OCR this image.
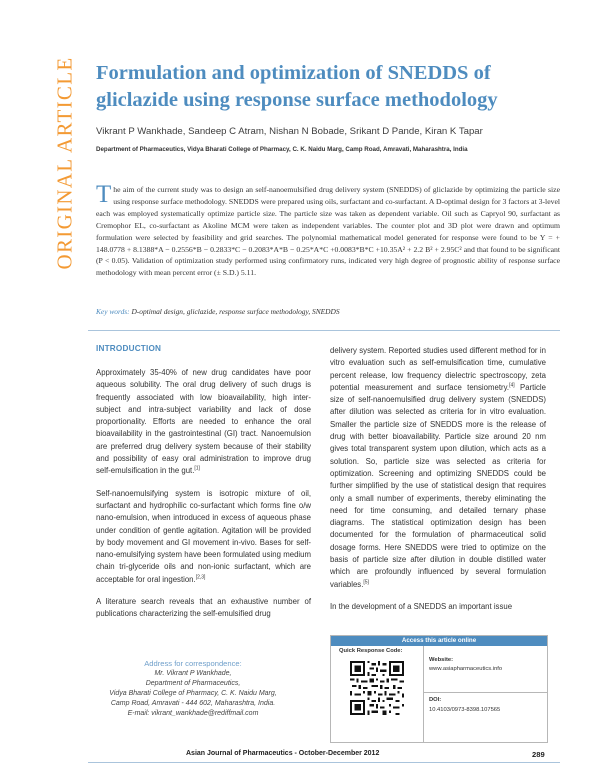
ORIGINAL ARTICLE Formulation and optimization of SNEDDS of gliclazide using response surface methodology
Vikrant P Wankhade, Sandeep C Atram, Nishan N Bobade, Srikant D Pande, Kiran K Tapar
Department of Pharmaceutics, Vidya Bharati College of Pharmacy, C. K. Naidu Marg, Camp Road, Amravati, Maharashtra, India
The aim of the current study was to design an self-nanoemulsified drug delivery system (SNEDDS) of gliclazide by optimizing the particle size using response surface methodology. SNEDDS were prepared using oils, surfactant and co-surfactant. A D-optimal design for 3 factors at 3-level each was employed systematically optimize particle size. The particle size was taken as dependent variable. Oil such as Capryol 90, surfactant as Cremophor EL, co-surfactant as Akoline MCM were taken as independent variables. The counter plot and 3D plot were drawn and optimum formulation were selected by feasibility and grid searches. The polynomial mathematical model generated for response were found to be Y = + 148.0778 + 8.1388*A − 0.2556*B − 0.2833*C − 0.2083*A*B − 0.25*A*C +0.0083*B*C +10.35A² + 2.2 B² + 2.95C² and that found to be significant (P < 0.05). Validation of optimization study performed using confirmatory runs, indicated very high degree of prognostic ability of response surface methodology with mean percent error (± S.D.) 5.11.
Key words: D-optimal design, gliclazide, response surface methodology, SNEDDS
INTRODUCTION

Approximately 35-40% of new drug candidates have poor aqueous solubility. The oral drug delivery of such drugs is frequently associated with low bioavailability, high inter-subject and intra-subject variability and lack of dose proportionality. Efforts are needed to enhance the oral bioavailability in the gastrointestinal (GI) tract. Nanoemulsion are preferred drug delivery system because of their stability and possibility of easy oral administration to improve drug self-emulsification in the gut.[1]

Self-nanoemulsifying system is isotropic mixture of oil, surfactant and hydrophilic co-surfactant which forms fine o/w nano-emulsion, when introduced in excess of aqueous phase under condition of gentle agitation. Agitation will be provided by body movement and GI movement in-vivo. Bases for self-nano-emulsifying system have been formulated using medium chain tri-glyceride oils and non-ionic surfactant, which are acceptable for oral ingestion.[2,3]

A literature search reveals that an exhaustive number of publications characterizing the self-emulsified drug

delivery system. Reported studies used different method for in vitro evaluation such as self-emulsification time, cumulative percent release, low frequency dielectric spectroscopy, zeta potential measurement and surface tensiometry.[4] Particle size of self-nanoemulsified drug delivery system (SNEDDS) after dilution was selected as criteria for in vitro evaluation. Smaller the particle size of SNEDDS more is the release of drug with better bioavailability. Particle size around 20 nm gives total transparent system upon dilution, which acts as a solution. So, particle size was selected as criteria for optimization. Screening and optimizing SNEDDS could be further simplified by the use of statistical design that requires only a small number of experiments, thereby eliminating the need for time consuming, and detailed ternary phase diagrams. The statistical optimization design has been documented for the formulation of pharmaceutical solid dosage forms. Here SNEDDS were tried to optimize on the basis of particle size after dilution in double distilled water which are profoundly influenced by several formulation variables.[5]

In the development of a SNEDDS an important issue

Address for correspondence:
Mr. Vikrant P Wankhade,
Department of Pharmaceutics,
Vidya Bharati College of Pharmacy, C. K. Naidu Marg,
Camp Road, Amravati - 444 602, Maharashtra, India.
E-mail: vikrant_wankhade@rediffmail.com
Access this article online
Quick Response Code:
Website:
www.asiapharmaceutics.info
DOI:
10.4103/0973-8398.107565
Asian Journal of Pharmaceutics - October-December 2012	289
